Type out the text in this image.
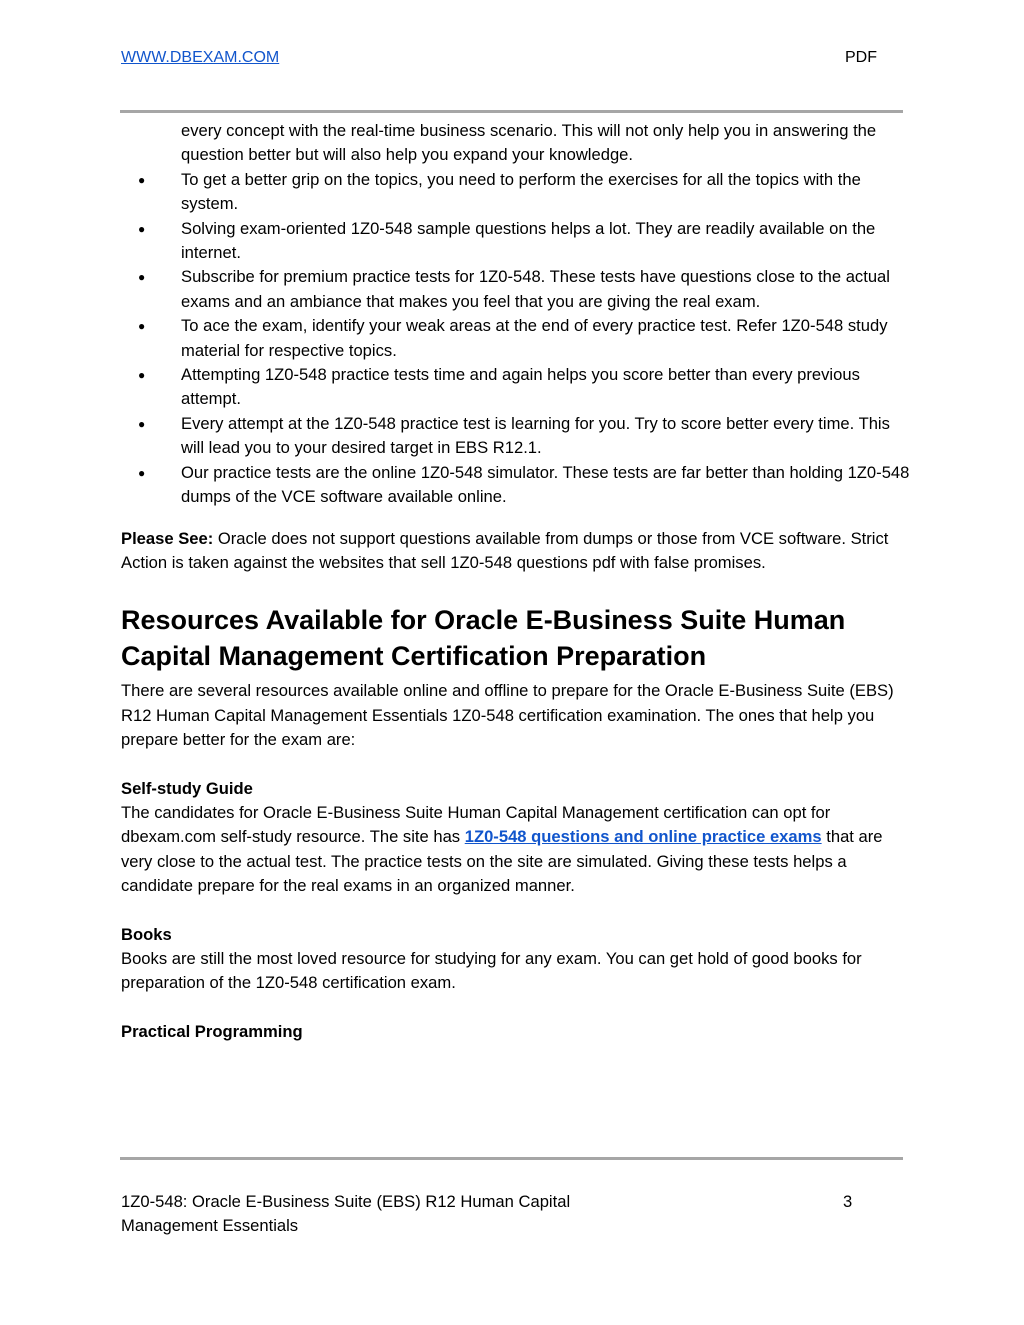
WWW.DBEXAM.COM	PDF

every concept with the real-time business scenario. This will not only help you in answering the question better but will also help you expand your knowledge.

● To get a better grip on the topics, you need to perform the exercises for all the topics with the system.
● Solving exam-oriented 1Z0-548 sample questions helps a lot. They are readily available on the internet.
● Subscribe for premium practice tests for 1Z0-548. These tests have questions close to the actual exams and an ambiance that makes you feel that you are giving the real exam.
● To ace the exam, identify your weak areas at the end of every practice test. Refer 1Z0-548 study material for respective topics.
● Attempting 1Z0-548 practice tests time and again helps you score better than every previous attempt.
● Every attempt at the 1Z0-548 practice test is learning for you. Try to score better every time. This will lead you to your desired target in EBS R12.1.
● Our practice tests are the online 1Z0-548 simulator. These tests are far better than holding 1Z0-548 dumps of the VCE software available online.
Please See: Oracle does not support questions available from dumps or those from VCE software. Strict Action is taken against the websites that sell 1Z0-548 questions pdf with false promises.
Resources Available for Oracle E-Business Suite Human Capital Management Certification Preparation
There are several resources available online and offline to prepare for the Oracle E-Business Suite (EBS) R12 Human Capital Management Essentials 1Z0-548 certification examination. The ones that help you prepare better for the exam are:
Self-study Guide
The candidates for Oracle E-Business Suite Human Capital Management certification can opt for dbexam.com self-study resource. The site has 1Z0-548 questions and online practice exams that are very close to the actual test. The practice tests on the site are simulated. Giving these tests helps a candidate prepare for the real exams in an organized manner.
Books
Books are still the most loved resource for studying for any exam. You can get hold of good books for preparation of the 1Z0-548 certification exam.
Practical Programming
1Z0-548: Oracle E-Business Suite (EBS) R12 Human Capital Management Essentials
3
